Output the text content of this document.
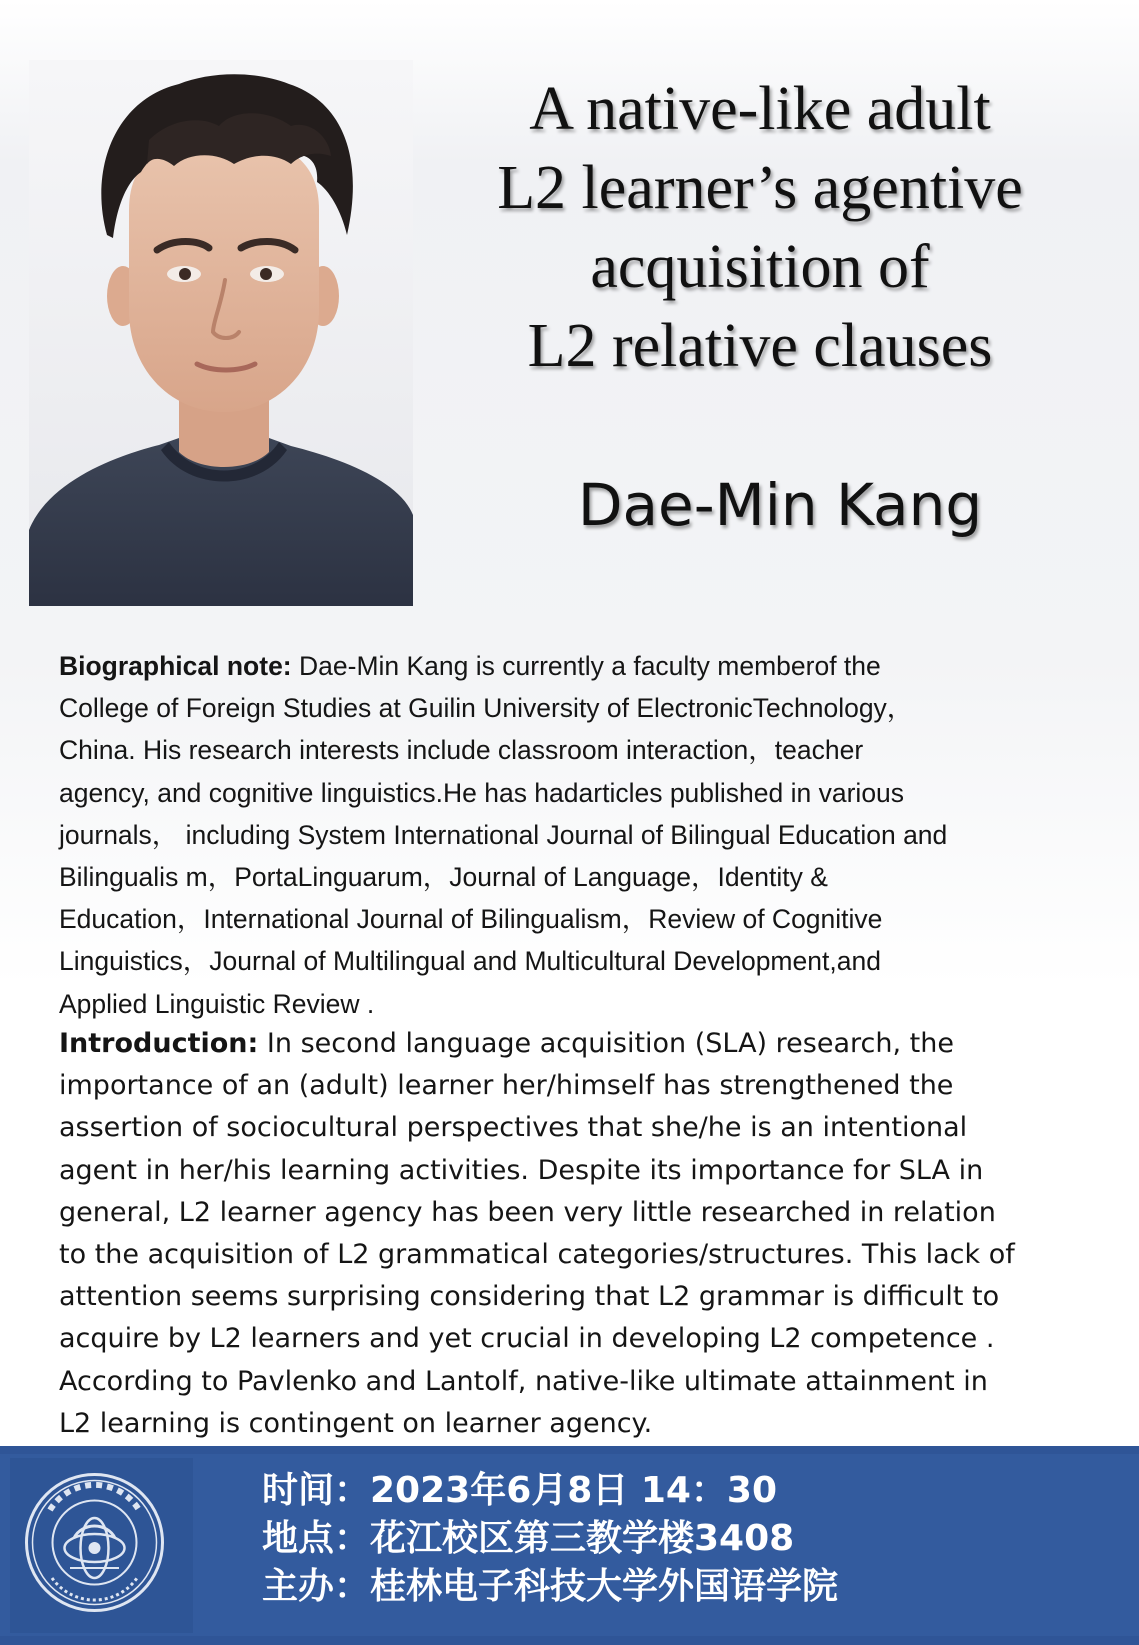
A native-like adult
L2 learner’s agentive
acquisition of
L2 relative clauses
Dae-Min Kang
Biographical note: Dae-Min Kang is currently a faculty memberof the
College of Foreign Studies at Guilin University of ElectronicTechnology，
China. His research interests include classroom interaction，teacher
agency, and cognitive linguistics.He has hadarticles published in various
journals， including System International Journal of Bilingual Education and
Bilingualis m，PortaLinguarum，Journal of Language，Identity &
Education，International Journal of Bilingualism，Review of Cognitive
Linguistics，Journal of Multilingual and Multicultural Development,and
Applied Linguistic Review .
Introduction: In second language acquisition (SLA) research, the
importance of an (adult) learner her/himself has strengthened the
assertion of sociocultural perspectives that she/he is an intentional
agent in her/his learning activities. Despite its importance for SLA in
general, L2 learner agency has been very little researched in relation
to the acquisition of L2 grammatical categories/structures. This lack of
attention seems surprising considering that L2 grammar is difficult to
acquire by L2 learners and yet crucial in developing L2 competence .
According to Pavlenko and Lantolf, native-like ultimate attainment in
L2 learning is contingent on learner agency.
时间：2023年6月8日 14：30
地点：花江校区第三教学楼3408
主办：桂林电子科技大学外国语学院
